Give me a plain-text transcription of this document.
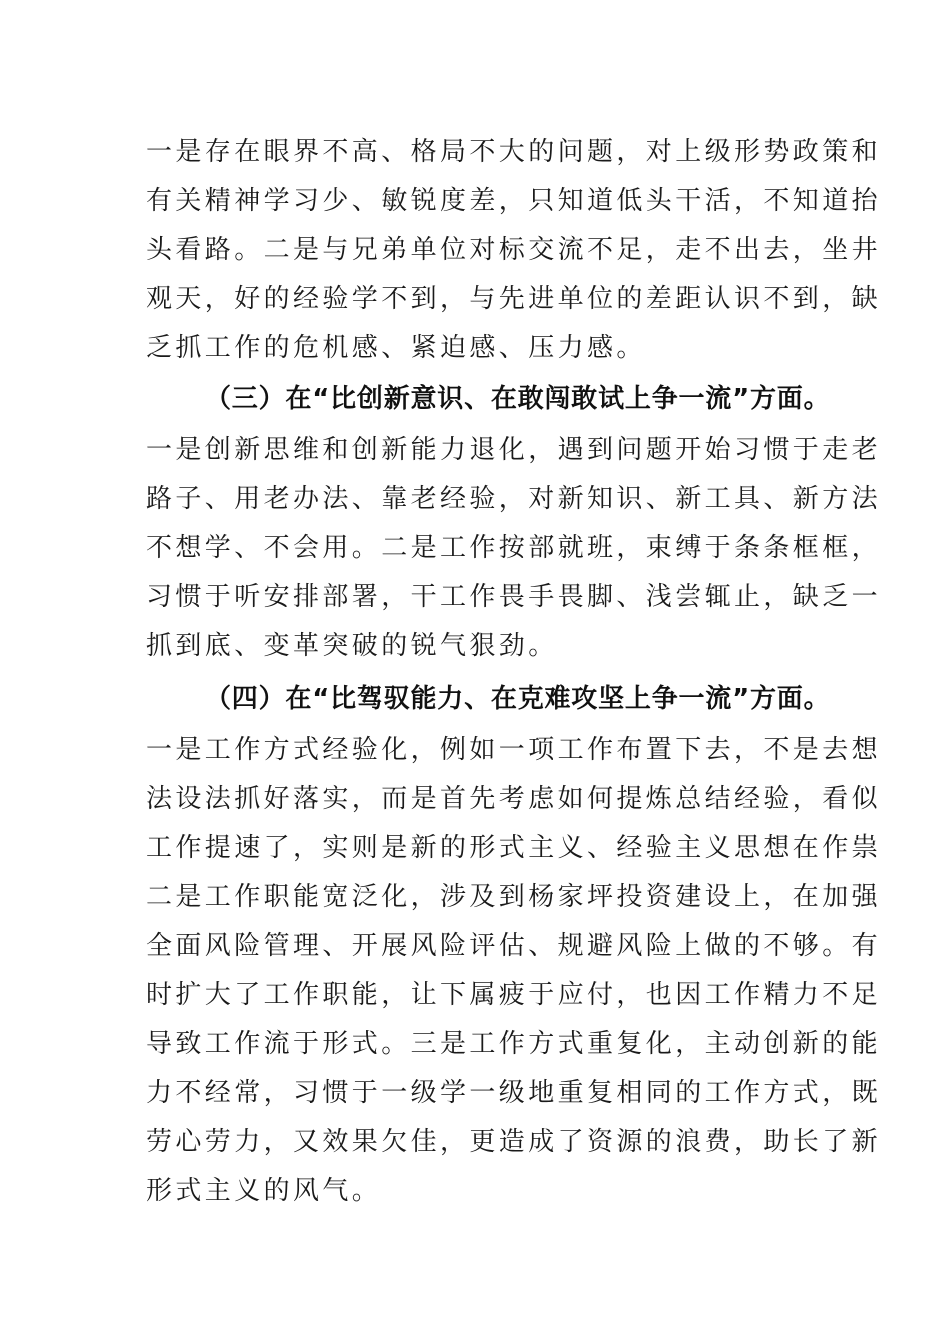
一是存在眼界不高、格局不大的问题，对上级形势政策和
有关精神学习少、敏锐度差，只知道低头干活，不知道抬
头看路。二是与兄弟单位对标交流不足，走不出去，坐井
观天，好的经验学不到，与先进单位的差距认识不到，缺
乏抓工作的危机感、紧迫感、压力感。
（三）在“比创新意识、在敢闯敢试上争一流”方面。
一是创新思维和创新能力退化，遇到问题开始习惯于走老
路子、用老办法、靠老经验，对新知识、新工具、新方法
不想学、不会用。二是工作按部就班，束缚于条条框框，
习惯于听安排部署，干工作畏手畏脚、浅尝辄止，缺乏一
抓到底、变革突破的锐气狠劲。
（四）在“比驾驭能力、在克难攻坚上争一流”方面。
一是工作方式经验化，例如一项工作布置下去，不是去想
法设法抓好落实，而是首先考虑如何提炼总结经验，看似
工作提速了，实则是新的形式主义、经验主义思想在作祟
二是工作职能宽泛化，涉及到杨家坪投资建设上，在加强
全面风险管理、开展风险评估、规避风险上做的不够。有
时扩大了工作职能，让下属疲于应付，也因工作精力不足
导致工作流于形式。三是工作方式重复化，主动创新的能
力不经常，习惯于一级学一级地重复相同的工作方式，既
劳心劳力，又效果欠佳，更造成了资源的浪费，助长了新
形式主义的风气。
